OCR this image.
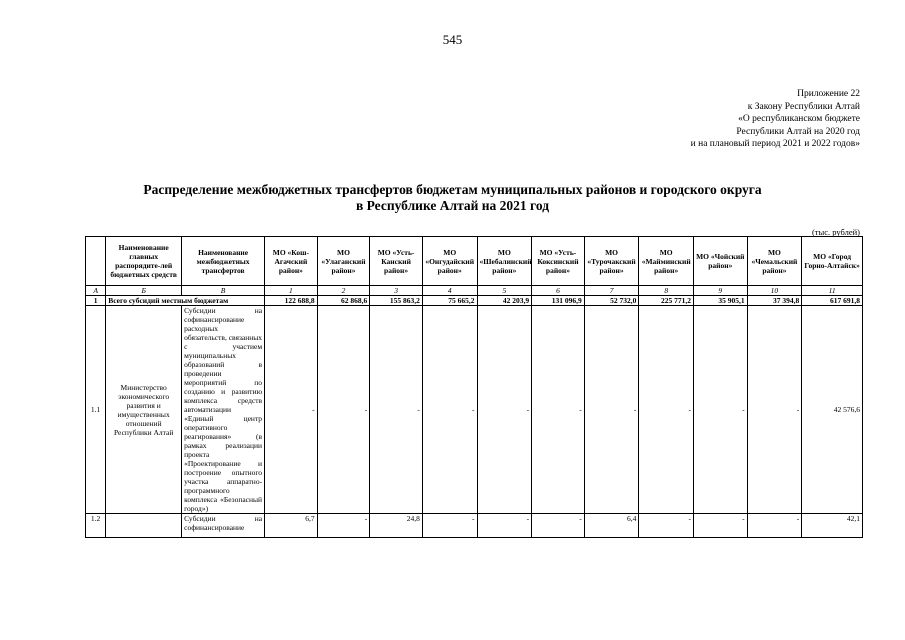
545
Приложение 22
к Закону Республики Алтай
«О республиканском бюджете
Республики Алтай на 2020 год
и на плановый период 2021 и 2022 годов»
Распределение межбюджетных трансфертов бюджетам муниципальных районов и городского округа
в Республике Алтай на 2021 год
(тыс. рублей)
	Наименование главных распорядите-лей бюджетных средств	Наименование межбюджетных трансфертов	МО «Кош-Агачский район»	МО «Улаганский район»	МО «Усть-Канский район»	МО «Онгудайский район»	МО «Шебалинский район»	МО «Усть-Коксинский район»	МО «Турочакский район»	МО «Майминский район»	МО «Чойский район»	МО «Чемальский район»	МО «Город Горно-Алтайск»
А	Б	В	1	2	3	4	5	6	7	8	9	10	11
1	Всего субсидий местным бюджетам		122 688,8	62 868,6	155 863,2	75 665,2	42 203,9	131 096,9	52 732,0	225 771,2	35 905,1	37 394,8	617 691,8
1.1	Министерство экономического развития и имущественных отношений Республики Алтай	Субсидии на софинансирование расходных обязательств, связанных с участием муниципальных образований в проведении мероприятий по созданию и развитию комплекса средств автоматизации «Единый центр оперативного реагирования» (в рамках реализации проекта «Проектирование и построение опытного участка аппаратно-программного комплекса «Безопасный город»)	-	-	-	-	-	-	-	-	-	-	42 576,6
1.2		Субсидии на софинансирование	6,7	-	24,8	-	-	-	6,4	-	-	-	42,1
